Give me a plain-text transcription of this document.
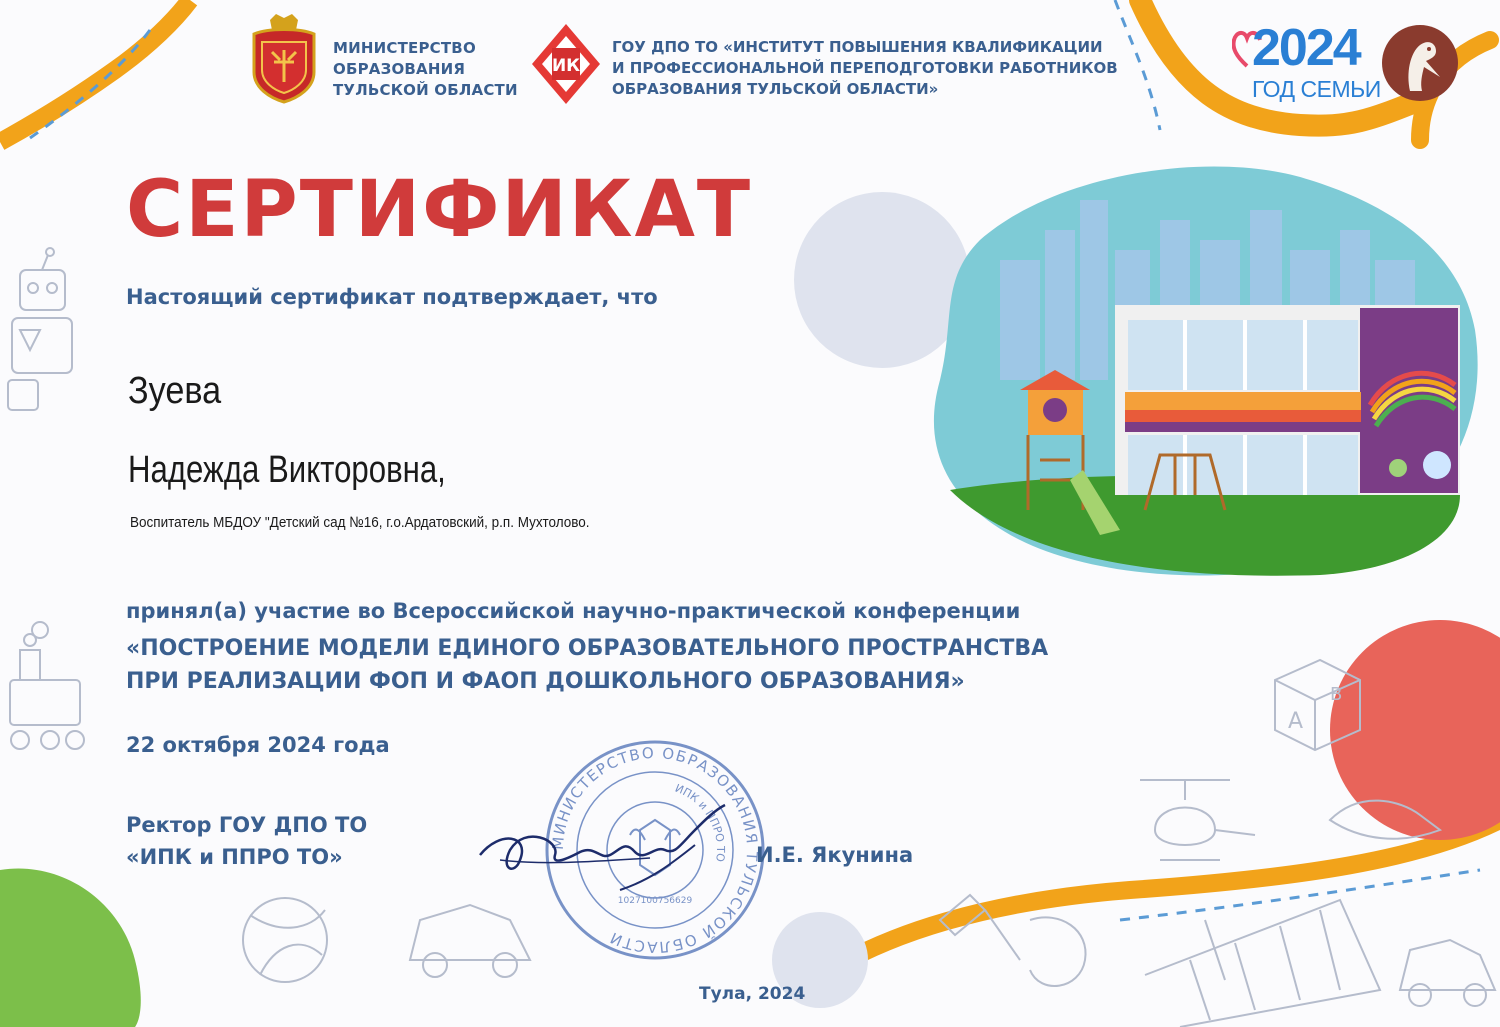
A
B
МИНИСТЕРСТВО
ОБРАЗОВАНИЯ
ТУЛЬСКОЙ ОБЛАСТИ
ИК
ГОУ ДПО ТО «ИНСТИТУТ ПОВЫШЕНИЯ КВАЛИФИКАЦИИ
И ПРОФЕССИОНАЛЬНОЙ ПЕРЕПОДГОТОВКИ РАБОТНИКОВ
ОБРАЗОВАНИЯ ТУЛЬСКОЙ ОБЛАСТИ»
2024
ГОД СЕМЬИ
СЕРТИФИКАТ
Настоящий сертификат подтверждает, что
Зуева
Надежда Викторовна,
Воспитатель МБДОУ "Детский сад №16, г.о.Ардатовский, р.п. Мухтолово.
принял(а) участие во Всероссийской научно-практической конференции
«ПОСТРОЕНИЕ МОДЕЛИ ЕДИНОГО ОБРАЗОВАТЕЛЬНОГО ПРОСТРАНСТВА
ПРИ РЕАЛИЗАЦИИ ФОП И ФАОП ДОШКОЛЬНОГО ОБРАЗОВАНИЯ»
22 октября 2024 года
Ректор ГОУ ДПО ТО
«ИПК и ППРО ТО»
МИНИСТЕРСТВО ОБРАЗОВАНИЯ ТУЛЬСКОЙ ОБЛАСТИ
ИПК и ППРО ТО
1027100756629
И.Е. Якунина
Тула, 2024
